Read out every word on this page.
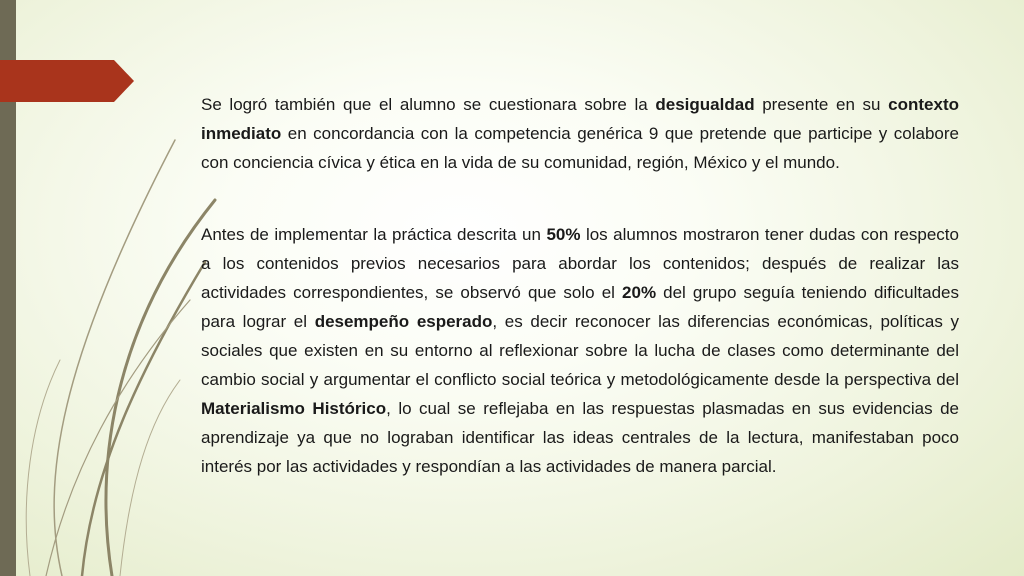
Se logró también que el alumno se cuestionara sobre la desigualdad presente en su contexto inmediato en concordancia con la competencia genérica 9 que pretende que participe y colabore con conciencia cívica y ética en la vida de su comunidad, región, México y el mundo.

Antes de implementar la práctica descrita un 50% los alumnos mostraron tener dudas con respecto a los contenidos previos necesarios para abordar los contenidos; después de realizar las actividades correspondientes, se observó que solo el 20% del grupo seguía teniendo dificultades para lograr el desempeño esperado, es decir reconocer las diferencias económicas, políticas y sociales que existen en su entorno al reflexionar sobre la lucha de clases como determinante del cambio social y argumentar el conflicto social teórica y metodológicamente desde la perspectiva del Materialismo Histórico, lo cual se reflejaba en las respuestas plasmadas en sus evidencias de aprendizaje ya que no lograban identificar las ideas centrales de la lectura, manifestaban poco interés por las actividades y respondían a las actividades de manera parcial.
